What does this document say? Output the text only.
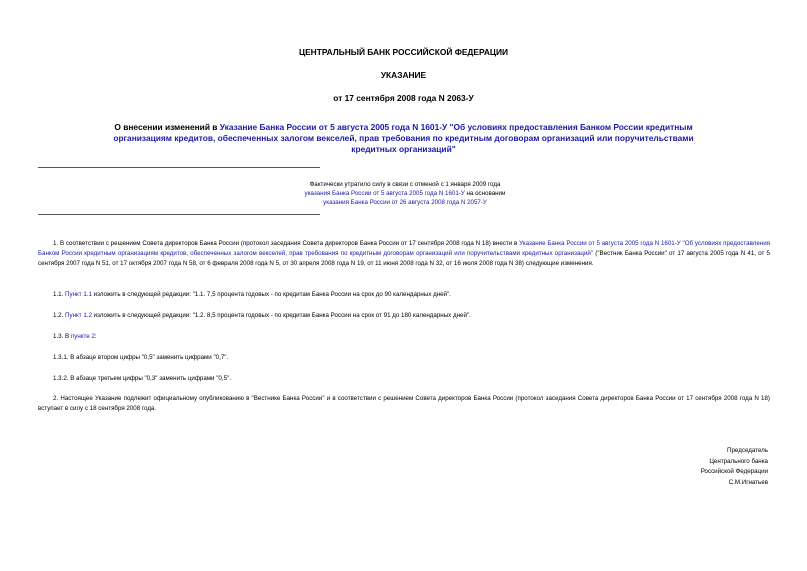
ЦЕНТРАЛЬНЫЙ БАНК РОССИЙСКОЙ ФЕДЕРАЦИИ
УКАЗАНИЕ
от 17 сентября 2008 года N 2063-У
О внесении изменений в Указание Банка России от 5 августа 2005 года N 1601-У "Об условиях предоставления Банком России кредитным организациям кредитов, обеспеченных залогом векселей, прав требования по кредитным договорам организаций или поручительствами кредитных организаций"
Фактически утратило силу в связи с отменой с 1 января 2009 года
указания Банка России от 5 августа 2005 года N 1601-У на основании
указания Банка России от 26 августа 2008 года N 2057-У
1. В соответствии с решением Совета директоров Банка России (протокол заседания Совета директоров Банка России от 17 сентября 2008 года N 18) внести в Указание Банка России от 5 августа 2005 года N 1601-У "Об условиях предоставления Банком России кредитным организациям кредитов, обеспеченных залогом векселей, прав требования по кредитным договорам организаций или поручительствами кредитных организаций" ("Вестник Банка России" от 17 августа 2005 года N 41, от 5 сентября 2007 года N 51, от 17 октября 2007 года N 58, от 6 февраля 2008 года N 5, от 30 апреля 2008 года N 19, от 11 июня 2008 года N 32, от 16 июля 2008 года N 38) следующие изменения.
1.1. Пункт 1.1 изложить в следующей редакции: "1.1. 7,5 процента годовых - по кредитам Банка России на срок до 90 календарных дней".
1.2. Пункт 1.2 изложить в следующей редакции: "1.2. 8,5 процента годовых - по кредитам Банка России на срок от 91 до 180 календарных дней".
1.3. В пункте 2:
1.3.1. В абзаце втором цифры "0,5" заменить цифрами "0,7".
1.3.2. В абзаце третьем цифры "0,3" заменить цифрами "0,5".
2. Настоящее Указание подлежит официальному опубликованию в "Вестнике Банка России" и в соответствии с решением Совета директоров Банка России (протокол заседания Совета директоров Банка России от 17 сентября 2008 года N 18) вступает в силу с 18 сентября 2008 года.
Председатель
Центрального банка
Российской Федерации
С.М.Игнатьев
